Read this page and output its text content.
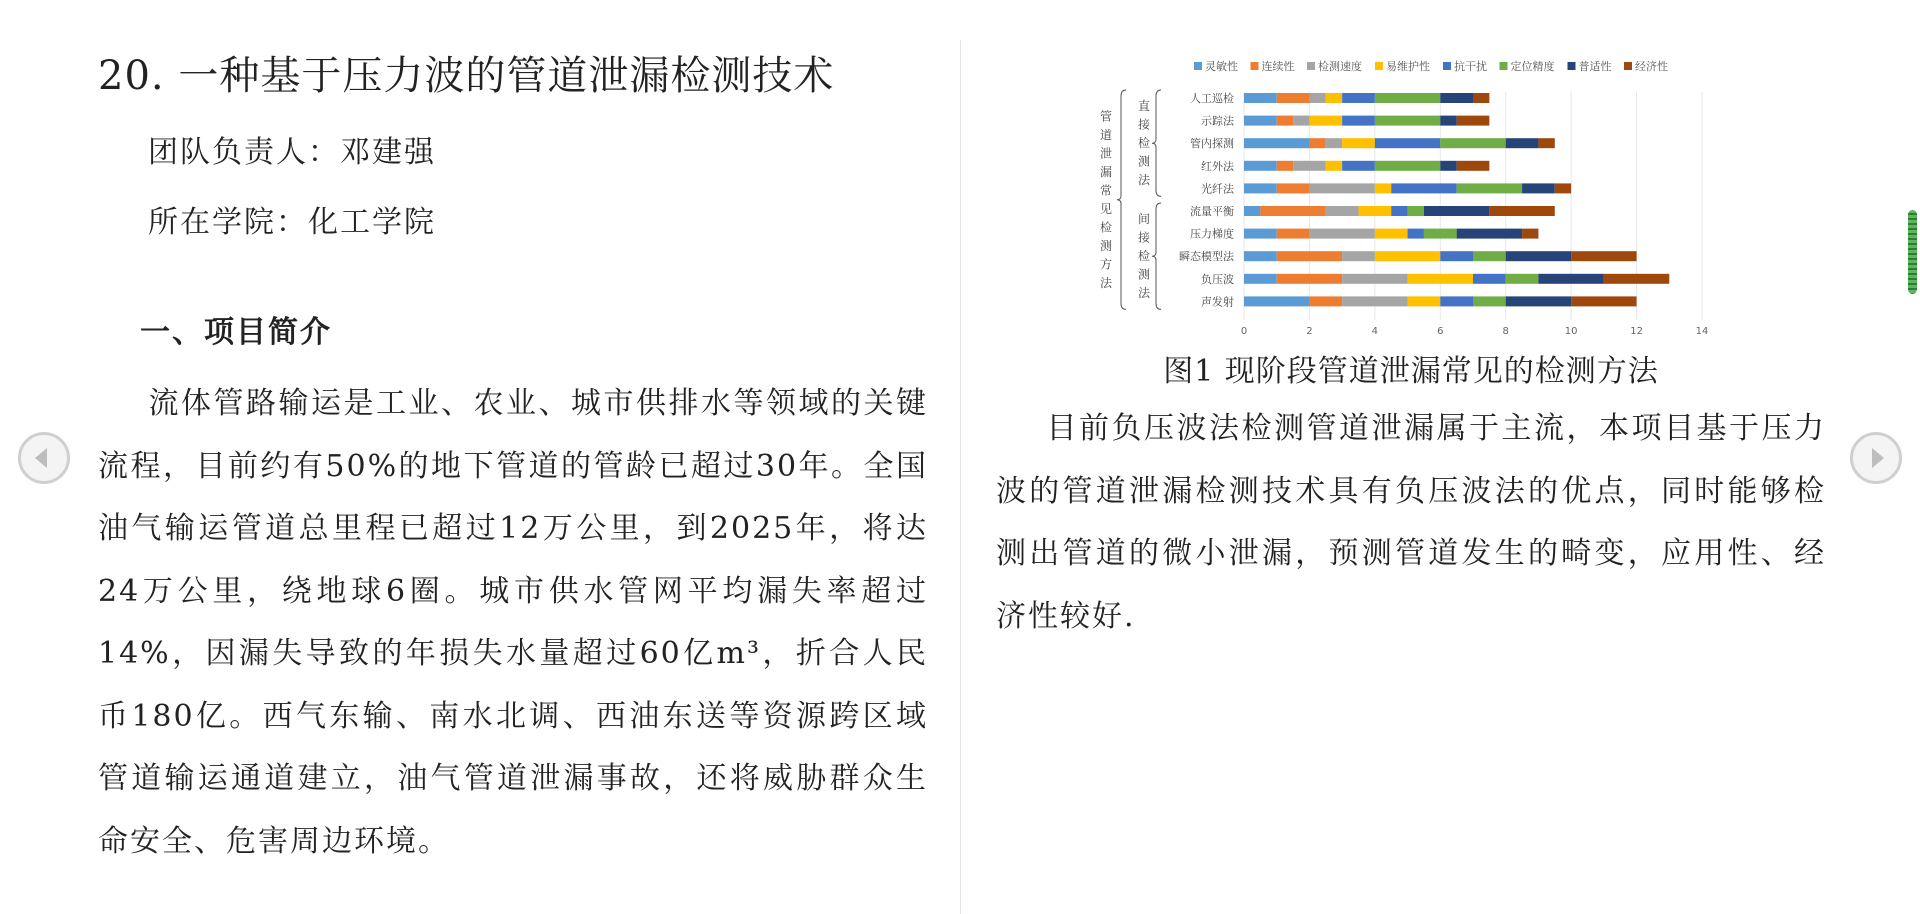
20. 一种基于压力波的管道泄漏检测技术
团队负责人：邓建强
所在学院：化工学院
一、项目简介

流体管路输运是工业、农业、城市供排水等领域的关键流程，目前约有50%的地下管道的管龄已超过30年。全国油气输运管道总里程已超过12万公里，到2025年，将达24万公里，绕地球6圈。城市供水管网平均漏失率超过14%，因漏失导致的年损失水量超过60亿m³，折合人民币180亿。西气东输、南水北调、西油东送等资源跨区域管道输运通道建立，油气管道泄漏事故，还将威胁群众生命安全、危害周边环境。

0	2	4	6	8	10	12	14
灵敏性 连续性 检测速度 易维护性 抗干扰 定位精度 普适性 经济性
人工巡检
示踪法
管内探测
红外法
光纤法
流量平衡
压力梯度
瞬态模型法
负压波
声发射
直接检测法
间接检测法
管道泄漏常见检测方法
图1 现阶段管道泄漏常见的检测方法

目前负压波法检测管道泄漏属于主流，本项目基于压力波的管道泄漏检测技术具有负压波法的优点，同时能够检测出管道的微小泄漏，预测管道发生的畸变，应用性、经济性较好.
